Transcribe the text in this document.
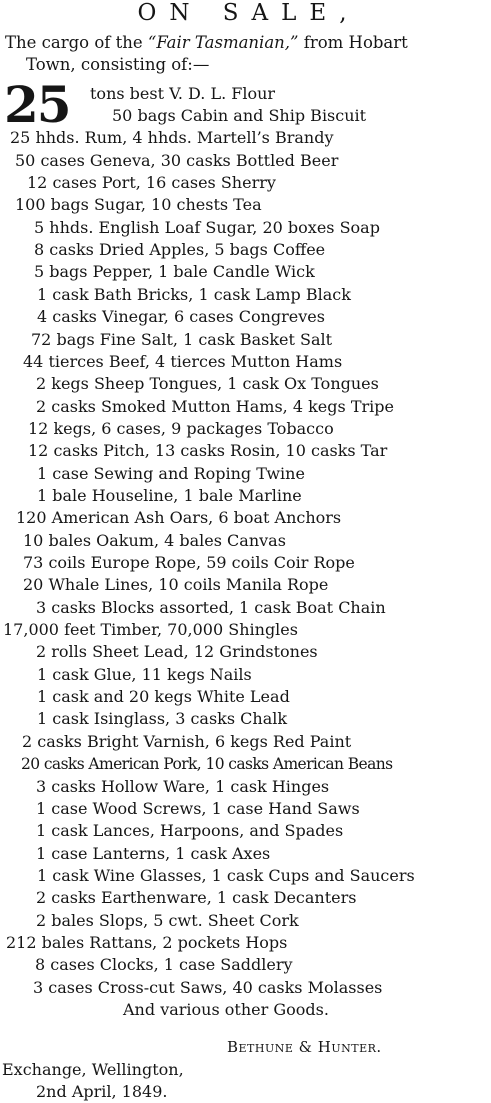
ON SALE,
The cargo of the “Fair Tasmanian,” from Hobart
Town, consisting of:—
25 tons best V. D. L. Flour
50 bags Cabin and Ship Biscuit
25 hhds. Rum, 4 hhds. Martell’s Brandy
50 cases Geneva, 30 casks Bottled Beer
12 cases Port, 16 cases Sherry
100 bags Sugar, 10 chests Tea
5 hhds. English Loaf Sugar, 20 boxes Soap
8 casks Dried Apples, 5 bags Coffee
5 bags Pepper, 1 bale Candle Wick
1 cask Bath Bricks, 1 cask Lamp Black
4 casks Vinegar, 6 cases Congreves
72 bags Fine Salt, 1 cask Basket Salt
44 tierces Beef, 4 tierces Mutton Hams
2 kegs Sheep Tongues, 1 cask Ox Tongues
2 casks Smoked Mutton Hams, 4 kegs Tripe
12 kegs, 6 cases, 9 packages Tobacco
12 casks Pitch, 13 casks Rosin, 10 casks Tar
1 case Sewing and Roping Twine
1 bale Houseline, 1 bale Marline
120 American Ash Oars, 6 boat Anchors
10 bales Oakum, 4 bales Canvas
73 coils Europe Rope, 59 coils Coir Rope
20 Whale Lines, 10 coils Manila Rope
3 casks Blocks assorted, 1 cask Boat Chain
17,000 feet Timber, 70,000 Shingles
2 rolls Sheet Lead, 12 Grindstones
1 cask Glue, 11 kegs Nails
1 cask and 20 kegs White Lead
1 cask Isinglass, 3 casks Chalk
2 casks Bright Varnish, 6 kegs Red Paint
20 casks American Pork, 10 casks American Beans
3 casks Hollow Ware, 1 cask Hinges
1 case Wood Screws, 1 case Hand Saws
1 cask Lances, Harpoons, and Spades
1 case Lanterns, 1 cask Axes
1 cask Wine Glasses, 1 cask Cups and Saucers
2 casks Earthenware, 1 cask Decanters
2 bales Slops, 5 cwt. Sheet Cork
212 bales Rattans, 2 pockets Hops
8 cases Clocks, 1 case Saddlery
3 cases Cross-cut Saws, 40 casks Molasses
And various other Goods.
Bethune & Hunter.
Exchange, Wellington,
2nd April, 1849.
